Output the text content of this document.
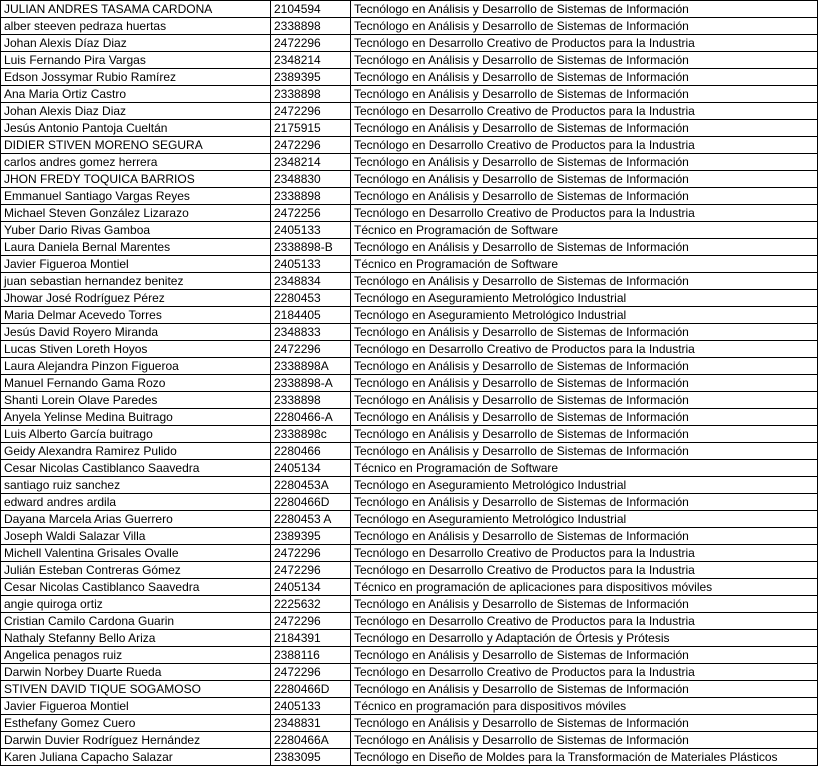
JULIAN ANDRES TASAMA CARDONA	2104594	Tecnólogo en Análisis y Desarrollo de Sistemas de Información
alber steeven pedraza huertas	2338898	Tecnólogo en Análisis y Desarrollo de Sistemas de Información
Johan Alexis Díaz Diaz	2472296	Tecnólogo en Desarrollo Creativo de Productos para la Industria
Luis Fernando Pira Vargas	2348214	Tecnólogo en Análisis y Desarrollo de Sistemas de Información
Edson Jossymar Rubio Ramírez	2389395	Tecnólogo en Análisis y Desarrollo de Sistemas de Información
Ana Maria Ortiz Castro	2338898	Tecnólogo en Análisis y Desarrollo de Sistemas de Información
Johan Alexis Diaz Diaz	2472296	Tecnólogo en Desarrollo Creativo de Productos para la Industria
Jesús Antonio Pantoja Cueltán	2175915	Tecnólogo en Análisis y Desarrollo de Sistemas de Información
DIDIER STIVEN MORENO SEGURA	2472296	Tecnólogo en Desarrollo Creativo de Productos para la Industria
carlos andres gomez herrera	2348214	Tecnólogo en Análisis y Desarrollo de Sistemas de Información
JHON FREDY TOQUICA BARRIOS	2348830	Tecnólogo en Análisis y Desarrollo de Sistemas de Información
Emmanuel Santiago Vargas Reyes	2338898	Tecnólogo en Análisis y Desarrollo de Sistemas de Información
Michael Steven González Lizarazo	2472256	Tecnólogo en Desarrollo Creativo de Productos para la Industria
Yuber Dario Rivas Gamboa	2405133	Técnico en Programación de Software
Laura Daniela Bernal Marentes	2338898-B	Tecnólogo en Análisis y Desarrollo de Sistemas de Información
Javier Figueroa Montiel	2405133	Técnico en Programación de Software
juan sebastian hernandez benitez	2348834	Tecnólogo en Análisis y Desarrollo de Sistemas de Información
Jhowar José Rodríguez Pérez	2280453	Tecnólogo en Aseguramiento Metrológico Industrial
Maria Delmar Acevedo Torres	2184405	Tecnólogo en Aseguramiento Metrológico Industrial
Jesús David Royero Miranda	2348833	Tecnólogo en Análisis y Desarrollo de Sistemas de Información
Lucas Stiven Loreth Hoyos	2472296	Tecnólogo en Desarrollo Creativo de Productos para la Industria
Laura Alejandra Pinzon Figueroa	2338898A	Tecnólogo en Análisis y Desarrollo de Sistemas de Información
Manuel Fernando Gama Rozo	2338898-A	Tecnólogo en Análisis y Desarrollo de Sistemas de Información
Shanti Lorein Olave Paredes	2338898	Tecnólogo en Análisis y Desarrollo de Sistemas de Información
Anyela Yelinse Medina Buitrago	2280466-A	Tecnólogo en Análisis y Desarrollo de Sistemas de Información
Luis Alberto García buitrago	2338898c	Tecnólogo en Análisis y Desarrollo de Sistemas de Información
Geidy Alexandra Ramirez Pulido	2280466	Tecnólogo en Análisis y Desarrollo de Sistemas de Información
Cesar Nicolas Castiblanco Saavedra	2405134	Técnico en Programación de Software
santiago ruiz sanchez	2280453A	Tecnólogo en Aseguramiento Metrológico Industrial
edward andres ardila	2280466D	Tecnólogo en Análisis y Desarrollo de Sistemas de Información
Dayana Marcela Arias Guerrero	2280453 A	Tecnólogo en Aseguramiento Metrológico Industrial
Joseph Waldi Salazar Villa	2389395	Tecnólogo en Análisis y Desarrollo de Sistemas de Información
Michell Valentina Grisales Ovalle	2472296	Tecnólogo en Desarrollo Creativo de Productos para la Industria
Julián Esteban Contreras Gómez	2472296	Tecnólogo en Desarrollo Creativo de Productos para la Industria
Cesar Nicolas Castiblanco Saavedra	2405134	Técnico en programación de aplicaciones para dispositivos móviles
angie quiroga ortiz	2225632	Tecnólogo en Análisis y Desarrollo de Sistemas de Información
Cristian Camilo Cardona Guarin	2472296	Tecnólogo en Desarrollo Creativo de Productos para la Industria
Nathaly Stefanny Bello Ariza	2184391	Tecnólogo en Desarrollo y Adaptación de Órtesis y Prótesis
Angelica penagos ruiz	2388116	Tecnólogo en Análisis y Desarrollo de Sistemas de Información
Darwin Norbey Duarte Rueda	2472296	Tecnólogo en Desarrollo Creativo de Productos para la Industria
STIVEN DAVID TIQUE SOGAMOSO	2280466D	Tecnólogo en Análisis y Desarrollo de Sistemas de Información
Javier Figueroa Montiel	2405133	Técnico en programación para dispositivos móviles
Esthefany Gomez Cuero	2348831	Tecnólogo en Análisis y Desarrollo de Sistemas de Información
Darwin Duvier Rodríguez Hernández	2280466A	Tecnólogo en Análisis y Desarrollo de Sistemas de Información
Karen Juliana Capacho Salazar	2383095	Tecnólogo en Diseño de Moldes para la Transformación de Materiales Plásticos
